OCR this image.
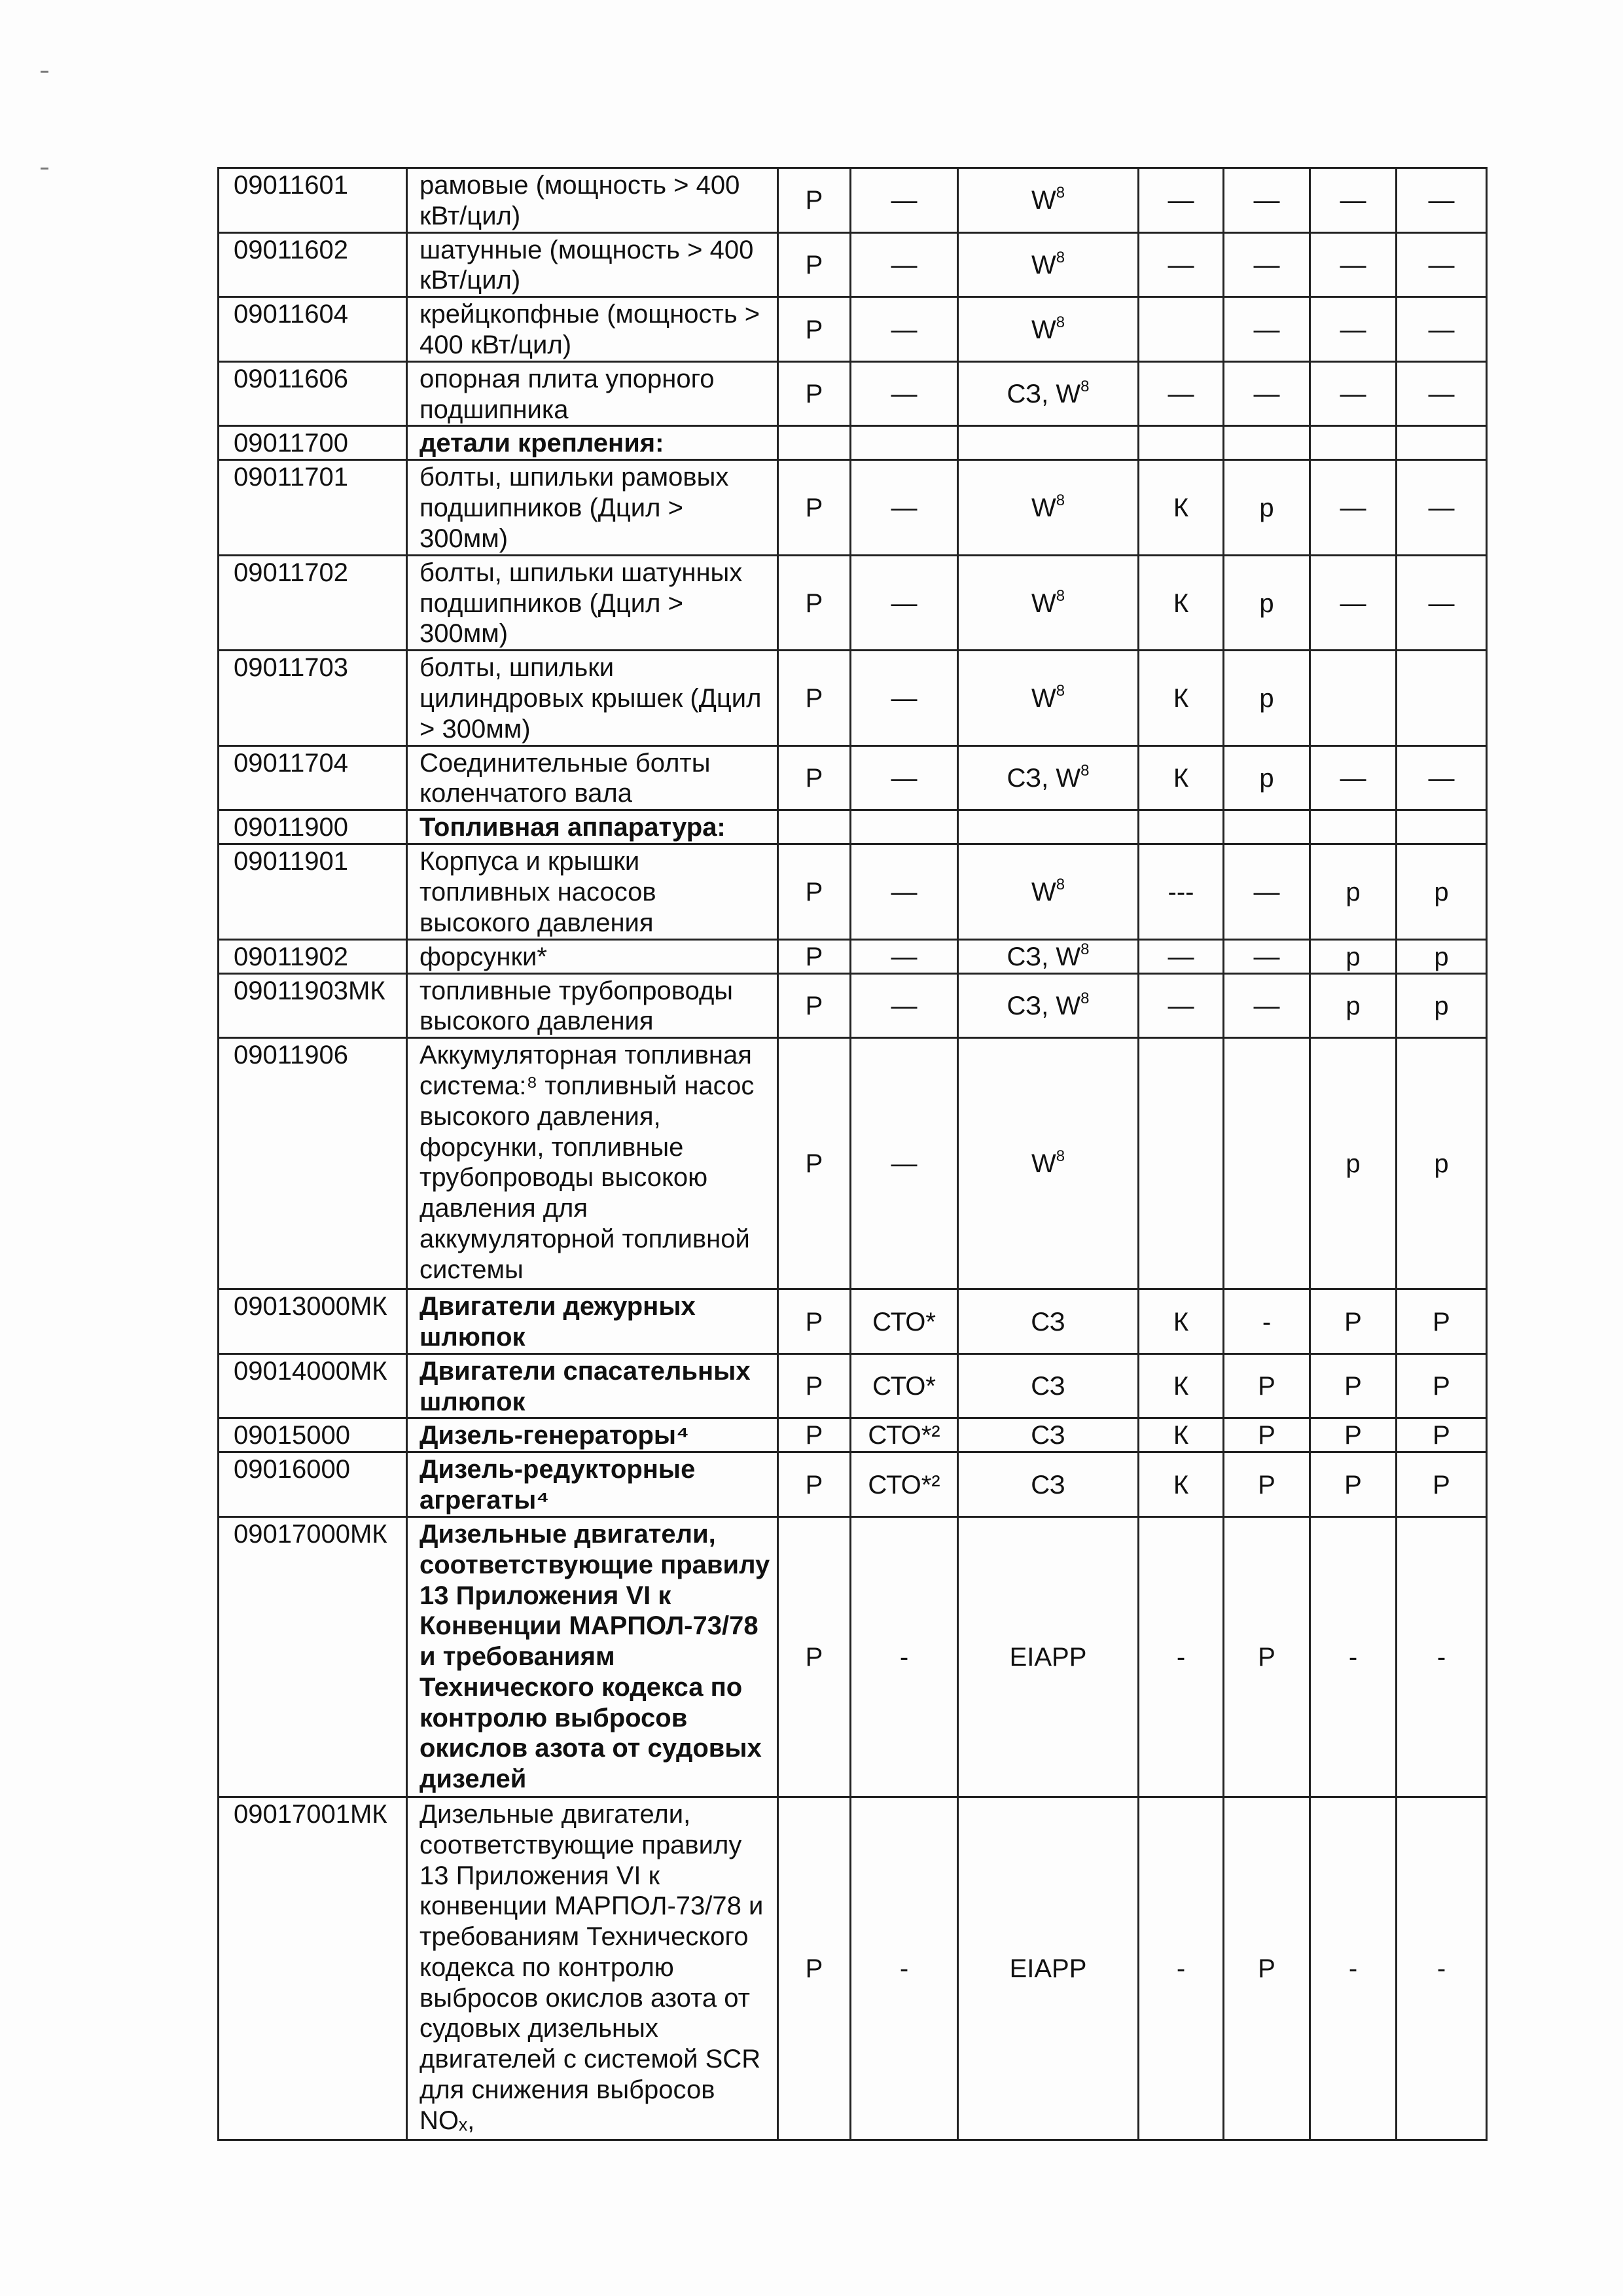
09011601	рамовые (мощность > 400 кВт/цил)	Р	—	$W^8$	—	—	—	—
09011602	шатунные (мощность > 400 кВт/цил)	Р	—	$W^8$	—	—	—	—
09011604	крейцкопфные (мощность > 400 кВт/цил)	Р	—	$W^8$		—	—	—
09011606	опорная плита упорного подшипника	Р	—	СЗ, $W^8$	—	—	—	—
09011700	детали крепления:							
09011701	болты, шпильки рамовых подшипников (Дцил > 300мм)	Р	—	$W^8$	К	р	—	—
09011702	болты, шпильки шатунных подшипников (Дцил > 300мм)	Р	—	$W^8$	К	р	—	—
09011703	болты, шпильки цилиндровых крышек (Дцил > 300мм)	Р	—	$W^8$	К	р		
09011704	Соединительные болты коленчатого вала	Р	—	СЗ, $W^8$	К	р	—	—
09011900	Топливная аппаратура:							
09011901	Корпуса и крышки топливных насосов высокого давления	Р	—	$W^8$	---	—	р	р
09011902	форсунки*	Р	—	СЗ, $W^8$	—	—	р	р
09011903МК	топливные трубопроводы высокого давления	Р	—	СЗ, $W^8$	—	—	р	р
09011906	Аккумуляторная топливная система:⁸ топливный насос высокого давления, форсунки, топливные трубопроводы высокою давления для аккумуляторной топливной системы	Р	—	$W^8$			р	р
09013000МК	Двигатели дежурных шлюпок	Р	СТО*	СЗ	К	-	Р	Р
09014000МК	Двигатели спасательных шлюпок	Р	СТО*	СЗ	К	Р	Р	Р
09015000	Дизель-генераторы⁴	Р	СТО*²	СЗ	К	Р	Р	Р
09016000	Дизель-редукторные агрегаты⁴	Р	СТО*²	СЗ	К	Р	Р	Р
09017000МК	Дизельные двигатели, соответствующие правилу 13 Приложения VI к Конвенции МАРПОЛ-73/78 и требованиям Технического кодекса по контролю выбросов окислов азота от судовых дизелей	Р	-	EIAPP	-	Р	-	-
09017001МК	Дизельные двигатели, соответствующие правилу 13 Приложения VI к конвенции МАРПОЛ-73/78 и требованиям Технического кодекса по контролю выбросов окислов азота от судовых дизельных двигателей с системой SCR для снижения выбросов NOₓ,	Р	-	EIAPP	-	Р	-	-
